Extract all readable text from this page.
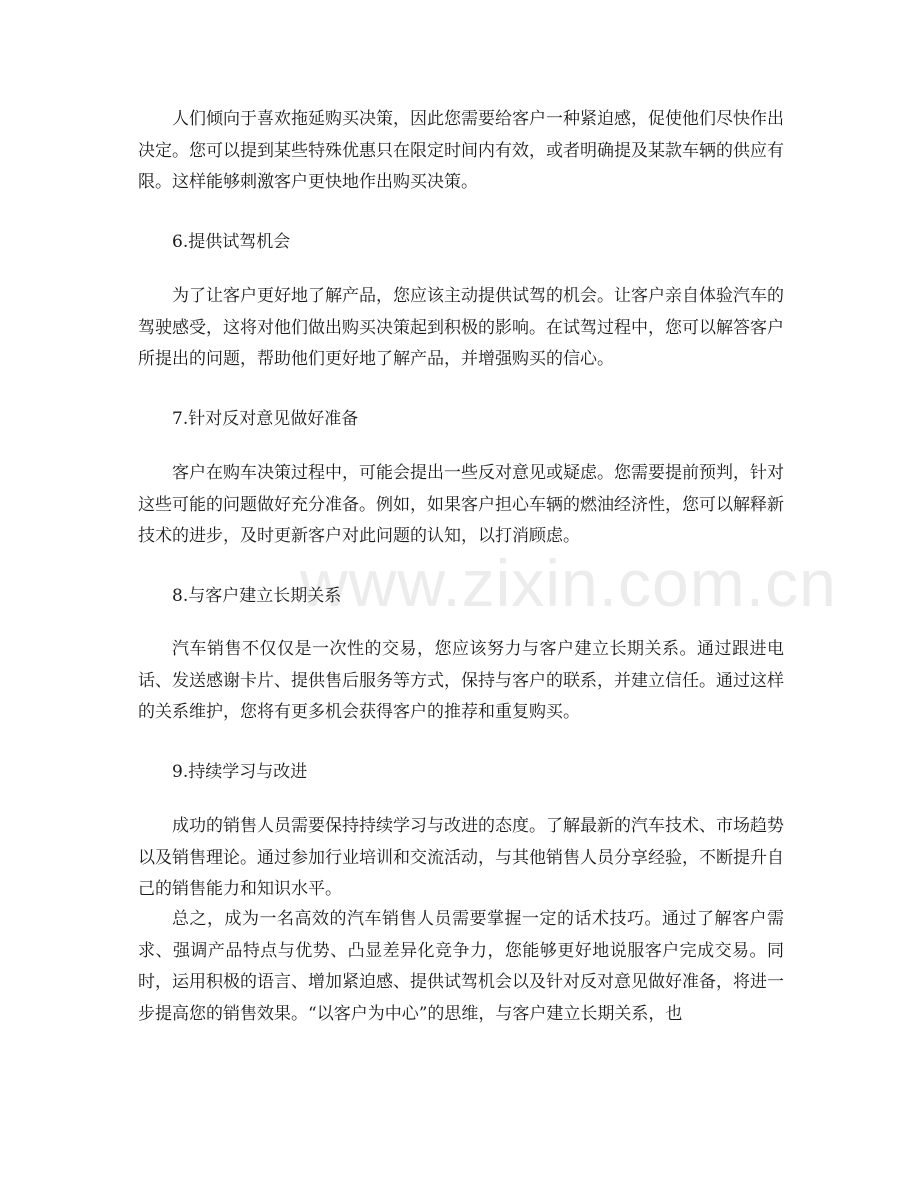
www.zixin.com.cn

人们倾向于喜欢拖延购买决策，因此您需要给客户一种紧迫感，促使他们尽快作出决定。您可以提到某些特殊优惠只在限定时间内有效，或者明确提及某款车辆的供应有限。这样能够刺激客户更快地作出购买决策。

6.提供试驾机会

为了让客户更好地了解产品，您应该主动提供试驾的机会。让客户亲自体验汽车的驾驶感受，这将对他们做出购买决策起到积极的影响。在试驾过程中，您可以解答客户所提出的问题，帮助他们更好地了解产品，并增强购买的信心。

7.针对反对意见做好准备

客户在购车决策过程中，可能会提出一些反对意见或疑虑。您需要提前预判，针对这些可能的问题做好充分准备。例如，如果客户担心车辆的燃油经济性，您可以解释新技术的进步，及时更新客户对此问题的认知，以打消顾虑。

8.与客户建立长期关系

汽车销售不仅仅是一次性的交易，您应该努力与客户建立长期关系。通过跟进电话、发送感谢卡片、提供售后服务等方式，保持与客户的联系，并建立信任。通过这样的关系维护，您将有更多机会获得客户的推荐和重复购买。

9.持续学习与改进

成功的销售人员需要保持持续学习与改进的态度。了解最新的汽车技术、市场趋势以及销售理论。通过参加行业培训和交流活动，与其他销售人员分享经验，不断提升自己的销售能力和知识水平。

总之，成为一名高效的汽车销售人员需要掌握一定的话术技巧。通过了解客户需求、强调产品特点与优势、凸显差异化竞争力，您能够更好地说服客户完成交易。同时，运用积极的语言、增加紧迫感、提供试驾机会以及针对反对意见做好准备，将进一步提高您的销售效果。“以客户为中心”的思维，与客户建立长期关系，也
